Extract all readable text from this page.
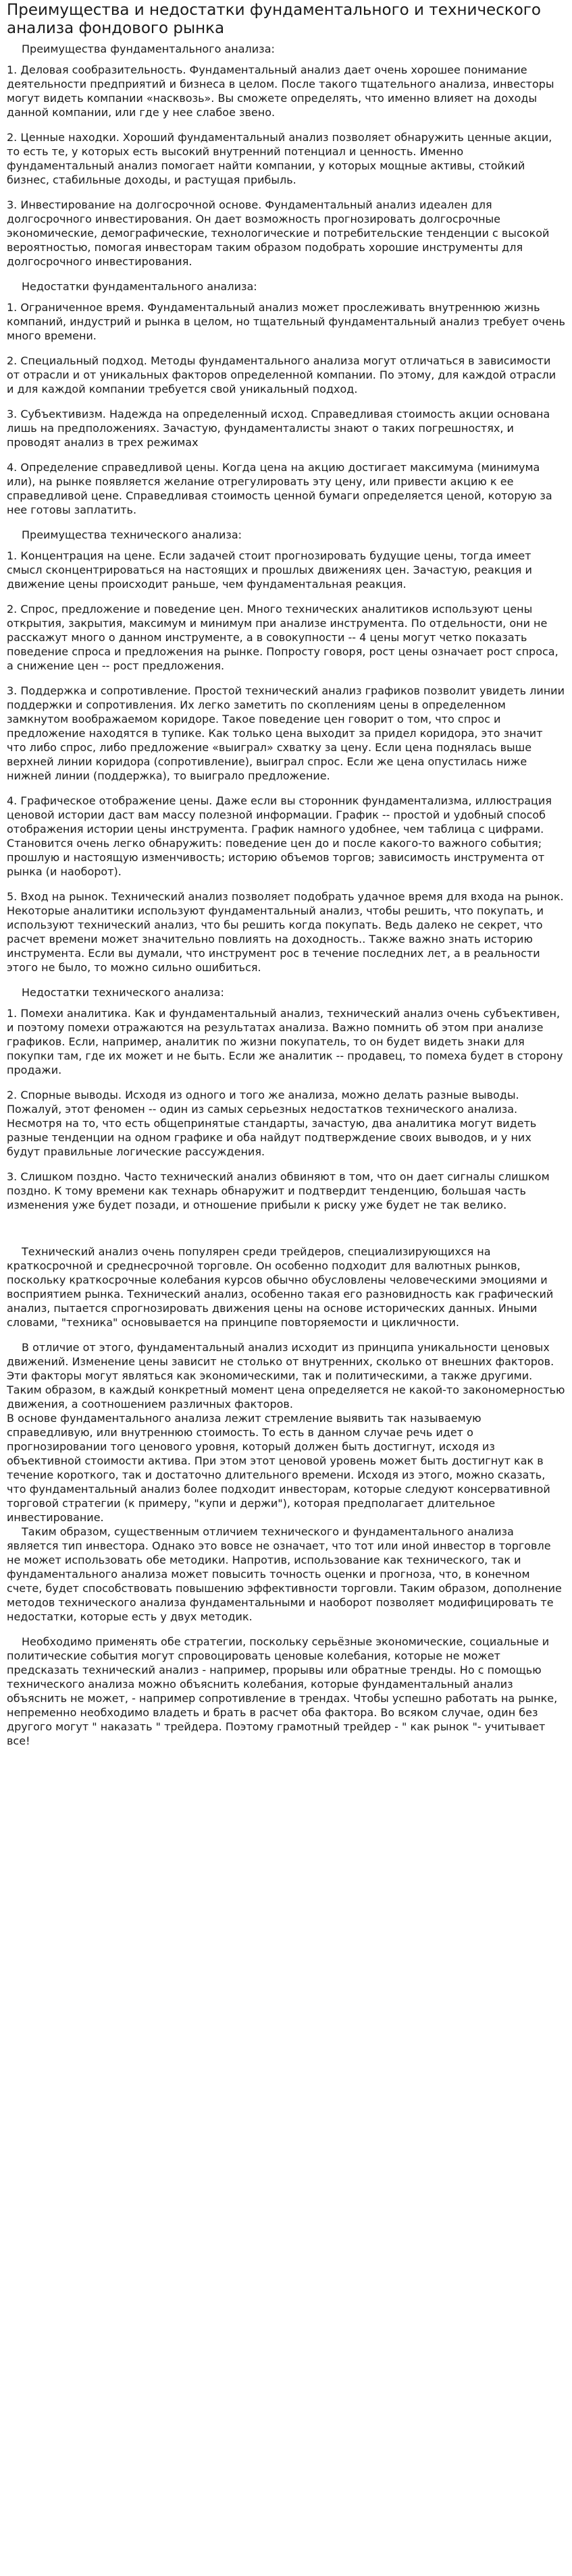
Преимущества и недостатки фундаментального и технического анализа фондового рынка

Преимущества фундаментального анализа:

1. Деловая сообразительность. Фундаментальный анализ дает очень хорошее понимание деятельности предприятий и бизнеса в целом. После такого тщательного анализа, инвесторы могут видеть компании «насквозь». Вы сможете определять, что именно влияет на доходы данной компании, или где у нее слабое звено.

2. Ценные находки. Хороший фундаментальный анализ позволяет обнаружить ценные акции, то есть те, у которых есть высокий внутренний потенциал и ценность. Именно фундаментальный анализ помогает найти компании, у которых мощные активы, стойкий бизнес, стабильные доходы, и растущая прибыль.

3. Инвестирование на долгосрочной основе. Фундаментальный анализ идеален для долгосрочного инвестирования. Он дает возможность прогнозировать долгосрочные экономические, демографические, технологические и потребительские тенденции с высокой вероятностью, помогая инвесторам таким образом подобрать хорошие инструменты для долгосрочного инвестирования.

Недостатки фундаментального анализа:

1. Ограниченное время. Фундаментальный анализ может прослеживать внутреннюю жизнь компаний, индустрий и рынка в целом, но тщательный фундаментальный анализ требует очень много времени.

2. Специальный подход. Методы фундаментального анализа могут отличаться в зависимости от отрасли и от уникальных факторов определенной компании. По этому, для каждой отрасли и для каждой компании требуется свой уникальный подход.

3. Субъективизм. Надежда на определенный исход. Справедливая стоимость акции основана лишь на предположениях. Зачастую, фундаменталисты знают о таких погрешностях, и проводят анализ в трех режимах

4. Определение справедливой цены. Когда цена на акцию достигает максимума (минимума или), на рынке появляется желание отрегулировать эту цену, или привести акцию к ее справедливой цене. Справедливая стоимость ценной бумаги определяется ценой, которую за нее готовы заплатить.

Преимущества технического анализа:

1. Концентрация на цене. Если задачей стоит прогнозировать будущие цены, тогда имеет смысл сконцентрироваться на настоящих и прошлых движениях цен. Зачастую, реакция и движение цены происходит раньше, чем фундаментальная реакция.

2. Спрос, предложение и поведение цен. Много технических аналитиков используют цены открытия, закрытия, максимум и минимум при анализе инструмента. По отдельности, они не расскажут много о данном инструменте, а в совокупности -- 4 цены могут четко показать поведение спроса и предложения на рынке. Попросту говоря, рост цены означает рост спроса, а снижение цен -- рост предложения.

3. Поддержка и сопротивление. Простой технический анализ графиков позволит увидеть линии поддержки и сопротивления. Их легко заметить по скоплениям цены в определенном замкнутом воображаемом коридоре. Такое поведение цен говорит о том, что спрос и предложение находятся в тупике. Как только цена выходит за придел коридора, это значит что либо спрос, либо предложение «выиграл» схватку за цену. Если цена поднялась выше верхней линии коридора (сопротивление), выиграл спрос. Если же цена опустилась ниже нижней линии (поддержка), то выиграло предложение.

4. Графическое отображение цены. Даже если вы сторонник фундаментализма, иллюстрация ценовой истории даст вам массу полезной информации. График -- простой и удобный способ отображения истории цены инструмента. График намного удобнее, чем таблица с цифрами. Становится очень легко обнаружить: поведение цен до и после какого-то важного события; прошлую и настоящую изменчивость; историю объемов торгов; зависимость инструмента от рынка (и наоборот).

5. Вход на рынок. Технический анализ позволяет подобрать удачное время для входа на рынок. Некоторые аналитики используют фундаментальный анализ, чтобы решить, что покупать, и используют технический анализ, что бы решить когда покупать. Ведь далеко не секрет, что расчет времени может значительно повлиять на доходность.. Также важно знать историю инструмента. Если вы думали, что инструмент рос в течение последних лет, а в реальности этого не было, то можно сильно ошибиться.

Недостатки технического анализа:

1. Помехи аналитика. Как и фундаментальный анализ, технический анализ очень субъективен, и поэтому помехи отражаются на результатах анализа. Важно помнить об этом при анализе графиков. Если, например, аналитик по жизни покупатель, то он будет видеть знаки для покупки там, где их может и не быть. Если же аналитик -- продавец, то помеха будет в сторону продажи.

2. Спорные выводы. Исходя из одного и того же анализа, можно делать разные выводы. Пожалуй, этот феномен -- один из самых серьезных недостатков технического анализа. Несмотря на то, что есть общепринятые стандарты, зачастую, два аналитика могут видеть разные тенденции на одном графике и оба найдут подтверждение своих выводов, и у них будут правильные логические рассуждения.

3. Слишком поздно. Часто технический анализ обвиняют в том, что он дает сигналы слишком поздно. К тому времени как технарь обнаружит и подтвердит тенденцию, большая часть изменения уже будет позади, и отношение прибыли к риску уже будет не так велико.

Технический анализ очень популярен среди трейдеров, специализирующихся на краткосрочной и среднесрочной торговле. Он особенно подходит для валютных рынков, поскольку краткосрочные колебания курсов обычно обусловлены человеческими эмоциями и восприятием рынка. Технический анализ, особенно такая его разновидность как графический анализ, пытается спрогнозировать движения цены на основе исторических данных. Иными словами, "техника" основывается на принципе повторяемости и цикличности.

В отличие от этого, фундаментальный анализ исходит из принципа уникальности ценовых движений. Изменение цены зависит не столько от внутренних, сколько от внешних факторов. Эти факторы могут являться как экономическими, так и политическими, а также другими. Таким образом, в каждый конкретный момент цена определяется не какой-то закономерностью движения, а соотношением различных факторов.

В основе фундаментального анализа лежит стремление выявить так называемую справедливую, или внутреннюю стоимость. То есть в данном случае речь идет о прогнозировании того ценового уровня, который должен быть достигнут, исходя из объективной стоимости актива. При этом этот ценовой уровень может быть достигнут как в течение короткого, так и достаточно длительного времени. Исходя из этого, можно сказать, что фундаментальный анализ более подходит инвесторам, которые следуют консервативной торговой стратегии (к примеру, "купи и держи"), которая предполагает длительное инвестирование.

Таким образом, существенным отличием технического и фундаментального анализа является тип инвестора. Однако это вовсе не означает, что тот или иной инвестор в торговле не может использовать обе методики. Напротив, использование как технического, так и фундаментального анализа может повысить точность оценки и прогноза, что, в конечном счете, будет способствовать повышению эффективности торговли. Таким образом, дополнение методов технического анализа фундаментальными и наоборот позволяет модифицировать те недостатки, которые есть у двух методик.

Необходимо применять обе стратегии, поскольку серьёзные экономические, социальные и политические события могут спровоцировать ценовые колебания, которые не может предсказать технический анализ - например, прорывы или обратные тренды. Но с помощью технического анализа можно объяснить колебания, которые фундаментальный анализ объяснить не может, - например сопротивление в трендах. Чтобы успешно работать на рынке, непременно необходимо владеть и брать в расчет оба фактора. Во всяком случае, один без другого могут " наказать " трейдера. Поэтому грамотный трейдер - " как рынок "- учитывает все!
